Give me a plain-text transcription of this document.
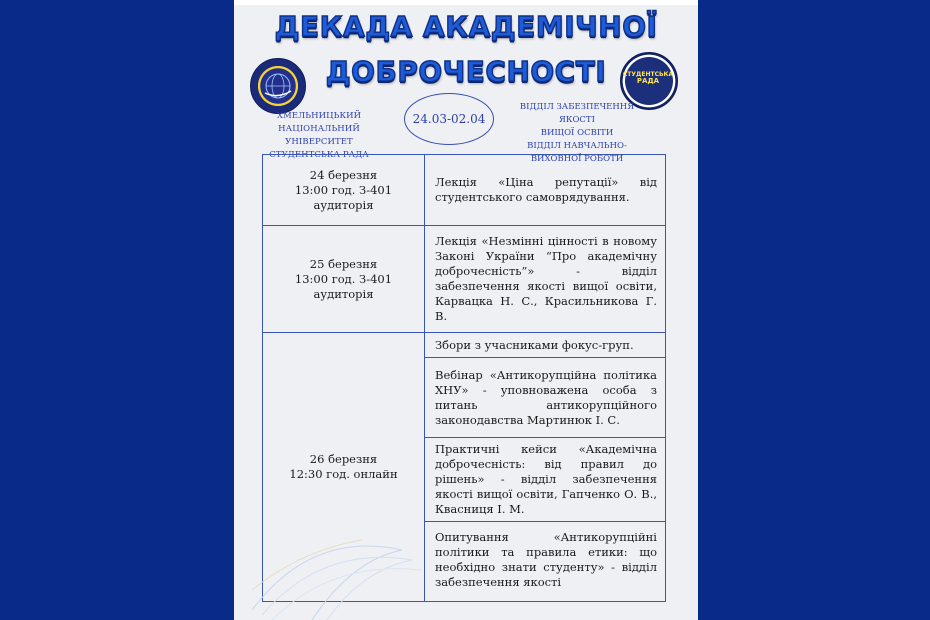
ДЕКАДА АКАДЕМІЧНОЇ
ДОБРОЧЕСНОСТІ	СТУДЕНТСЬКА
РАДА
ХМЕЛЬНИЦЬКИЙ
НАЦІОНАЛЬНИЙ УНІВЕРСИТЕТ
СТУДЕНТСЬКА РАДА
24.03-02.04
ВІДДІЛ ЗАБЕЗПЕЧЕННЯ ЯКОСТІ
ВИЩОЇ ОСВІТИ
ВІДДІЛ НАВЧАЛЬНО-
ВИХОВНОЇ РОБОТИ
24 березня
13:00 год. З-401
аудиторія	Лекція «Ціна репутації» від студентського самоврядування.

25 березня
13:00 год. З-401
аудиторія	Лекція «Незмінні цінності в новому Законі України “Про академічну доброчесність”» - відділ забезпечення якості вищої освіти, Карвацка Н. С., Красильникова Г. В.

26 березня
12:30 год. онлайн	Збори з учасниками фокус-груп.
	Вебінар «Антикорупційна політика ХНУ» - уповноважена особа з питань антикорупційного законодавства Мартинюк І. С.
	Практичні кейси «Академічна доброчесність: від правил до рішень» - відділ забезпечення якості вищої освіти, Гапченко О. В., Квасниця І. М.
	Опитування «Антикорупційні політики та правила етики: що необхідно знати студенту» - відділ забезпечення якості
